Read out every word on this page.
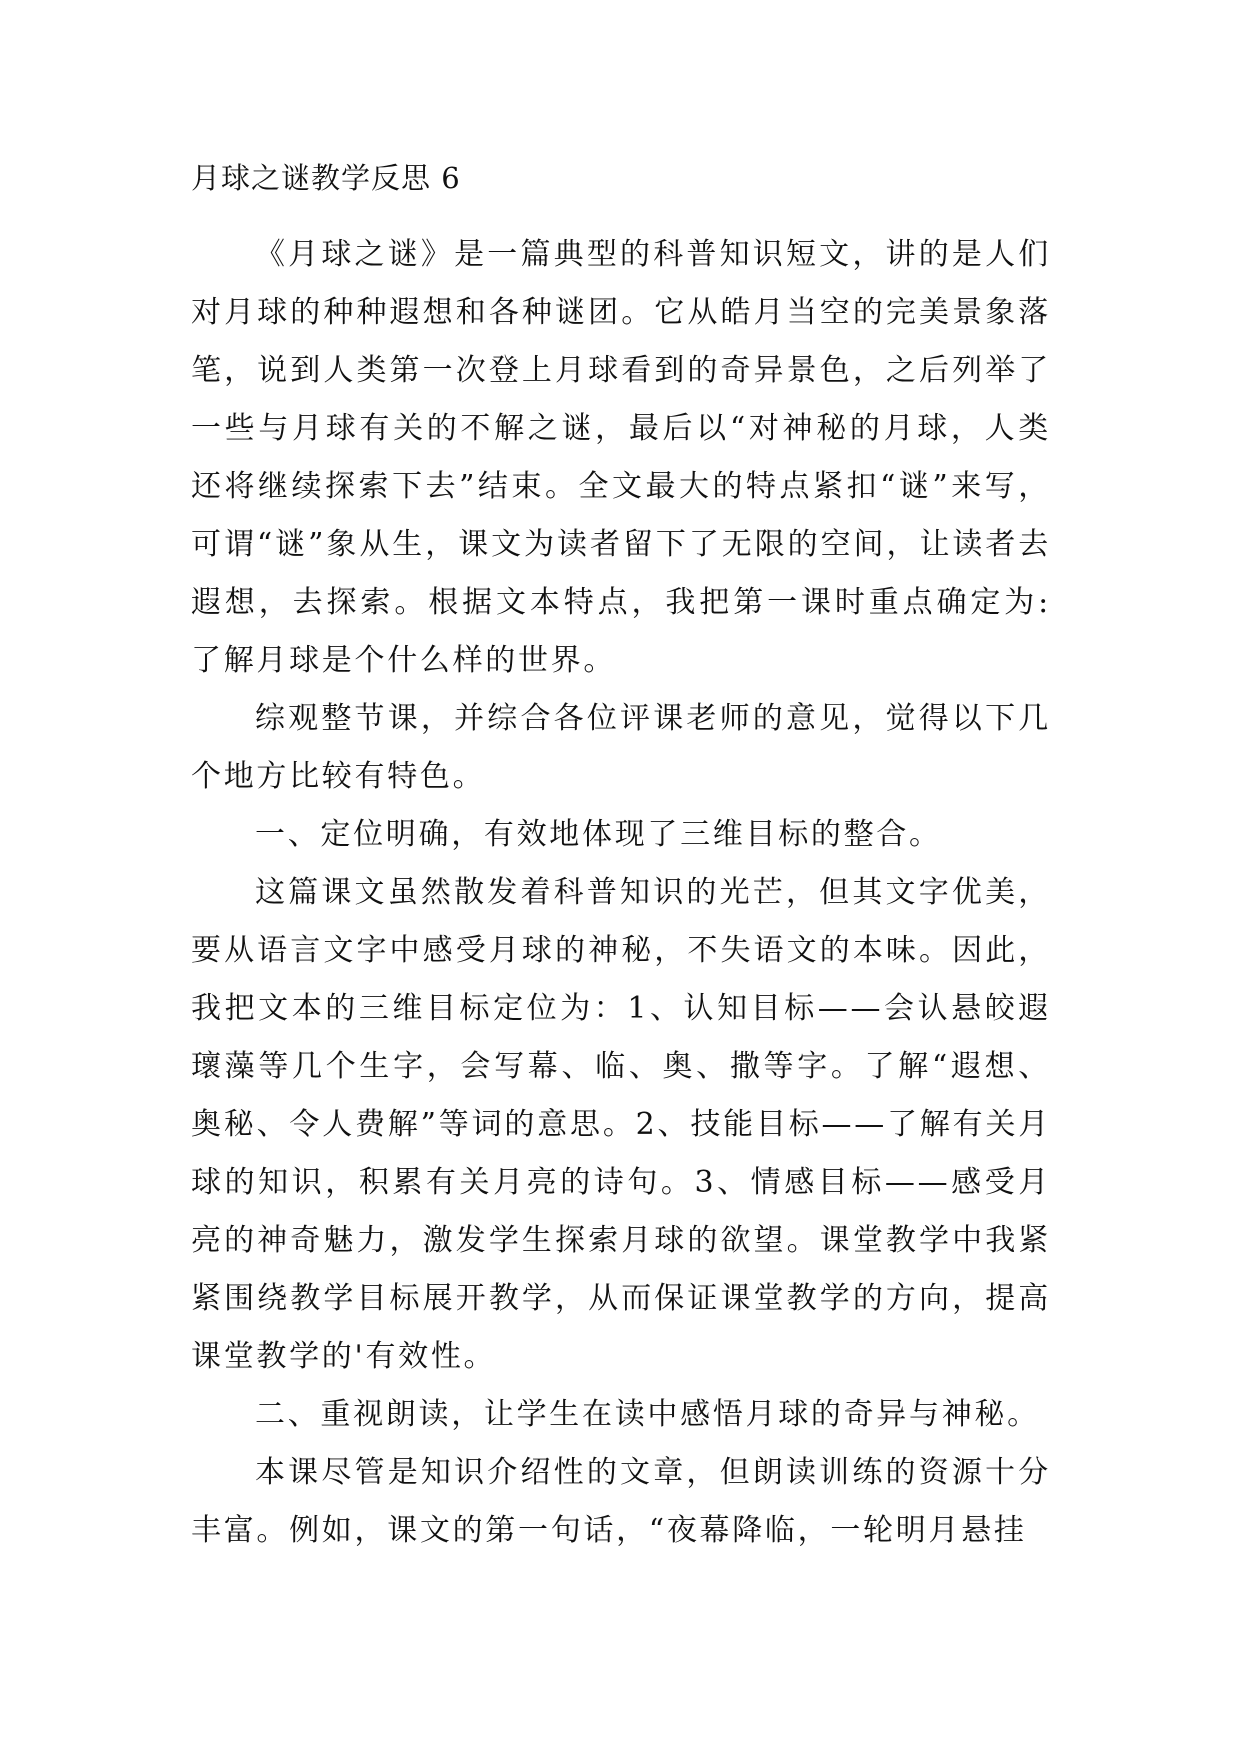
月球之谜教学反思 6

《月球之谜》是一篇典型的科普知识短文，讲的是人们对月球的种种遐想和各种谜团。它从皓月当空的完美景象落笔，说到人类第一次登上月球看到的奇异景色，之后列举了一些与月球有关的不解之谜，最后以“对神秘的月球，人类还将继续探索下去”结束。全文最大的特点紧扣“谜”来写，可谓“谜”象从生，课文为读者留下了无限的空间，让读者去遐想，去探索。根据文本特点，我把第一课时重点确定为:了解月球是个什么样的世界。

综观整节课，并综合各位评课老师的意见，觉得以下几个地方比较有特色。

一、定位明确，有效地体现了三维目标的整合。

这篇课文虽然散发着科普知识的光芒，但其文字优美，要从语言文字中感受月球的神秘，不失语文的本味。因此，我把文本的三维目标定位为：1、认知目标——会认悬皎遐瓌藻等几个生字，会写幕、临、奥、撒等字。了解“遐想、奥秘、令人费解”等词的意思。2、技能目标——了解有关月球的知识，积累有关月亮的诗句。3、情感目标——感受月亮的神奇魅力，激发学生探索月球的欲望。课堂教学中我紧紧围绕教学目标展开教学，从而保证课堂教学的方向，提高课堂教学的'有效性。

二、重视朗读，让学生在读中感悟月球的奇异与神秘。

本课尽管是知识介绍性的文章，但朗读训练的资源十分丰富。例如，课文的第一句话，“夜幕降临，一轮明月悬挂
